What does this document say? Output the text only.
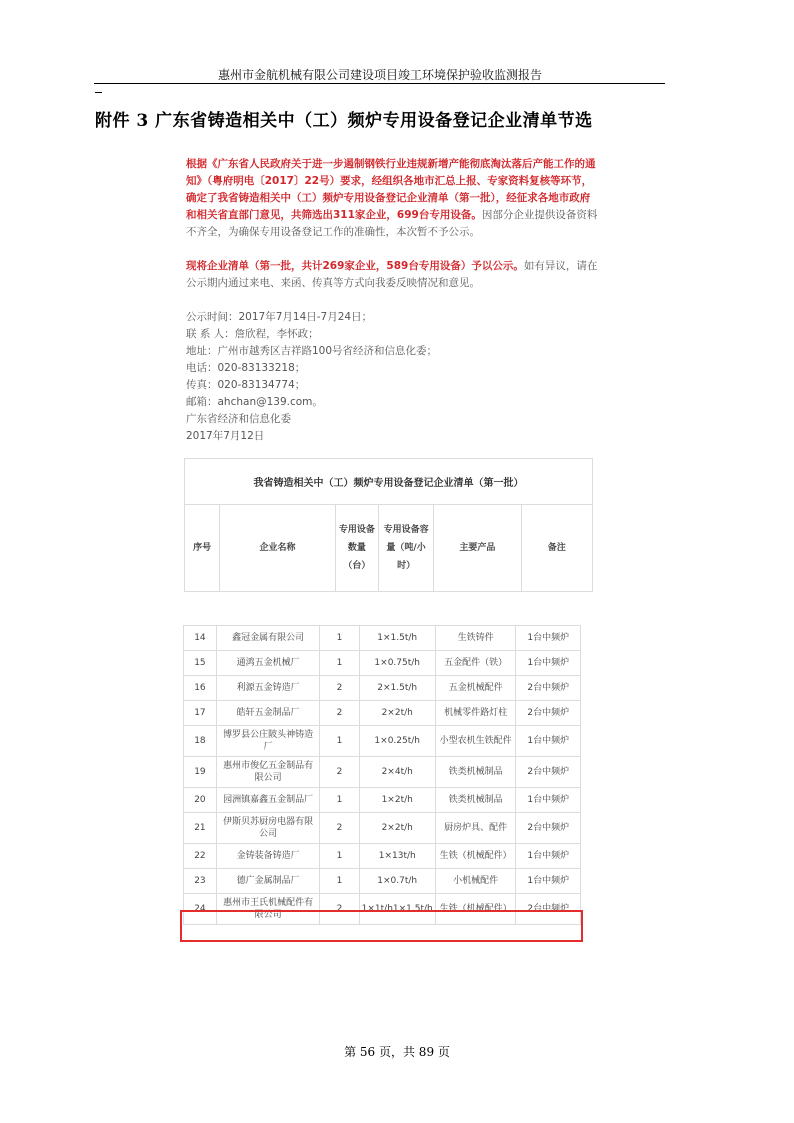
惠州市金航机械有限公司建设项目竣工环境保护验收监测报告
附件 3 广东省铸造相关中（工）频炉专用设备登记企业清单节选

根据《广东省人民政府关于进一步遏制钢铁行业违规新增产能彻底淘汰落后产能工作的通知》（粤府明电〔2017〕22号）要求，经组织各地市汇总上报、专家资料复核等环节，确定了我省铸造相关中（工）频炉专用设备登记企业清单（第一批），经征求各地市政府和相关省直部门意见，共筛选出311家企业，699台专用设备。因部分企业提供设备资料不齐全，为确保专用设备登记工作的准确性，本次暂不予公示。

现将企业清单（第一批，共计269家企业，589台专用设备）予以公示。如有异议，请在公示期内通过来电、来函、传真等方式向我委反映情况和意见。

公示时间：2017年7月14日-7月24日；
联 系 人：詹欣程，李怀政；
地址：广州市越秀区吉祥路100号省经济和信息化委；
电话：020-83133218；
传真：020-83134774；
邮箱：ahchan@139.com。
广东省经济和信息化委
2017年7月12日
我省铸造相关中（工）频炉专用设备登记企业清单（第一批）
序号	企业名称	专用设备数量（台）	专用设备容量（吨/小时）	主要产品	备注
14	鑫冠金属有限公司	1	1×1.5t/h	生铁铸件	1台中频炉
15	通鸿五金机械厂	1	1×0.75t/h	五金配件（铁）	1台中频炉
16	利源五金铸造厂	2	2×1.5t/h	五金机械配件	2台中频炉
17	皓轩五金制品厂	2	2×2t/h	机械零件路灯柱	2台中频炉
18	博罗县公庄陂头神铸造厂	1	1×0.25t/h	小型农机生铁配件	1台中频炉
19	惠州市俊亿五金制品有限公司	2	2×4t/h	铁类机械制品	2台中频炉
20	园洲镇嘉鑫五金制品厂	1	1×2t/h	铁类机械制品	1台中频炉
21	伊斯贝苏厨房电器有限公司	2	2×2t/h	厨房炉具、配件	2台中频炉
22	金铸装备铸造厂	1	1×13t/h	生铁（机械配件）	1台中频炉
23	德广金属制品厂	1	1×0.7t/h	小机械配件	1台中频炉
24	惠州市王氏机械配件有限公司	2	1×1t/h1×1.5t/h	生铁（机械配件）	2台中频炉
第 56 页，共 89 页
